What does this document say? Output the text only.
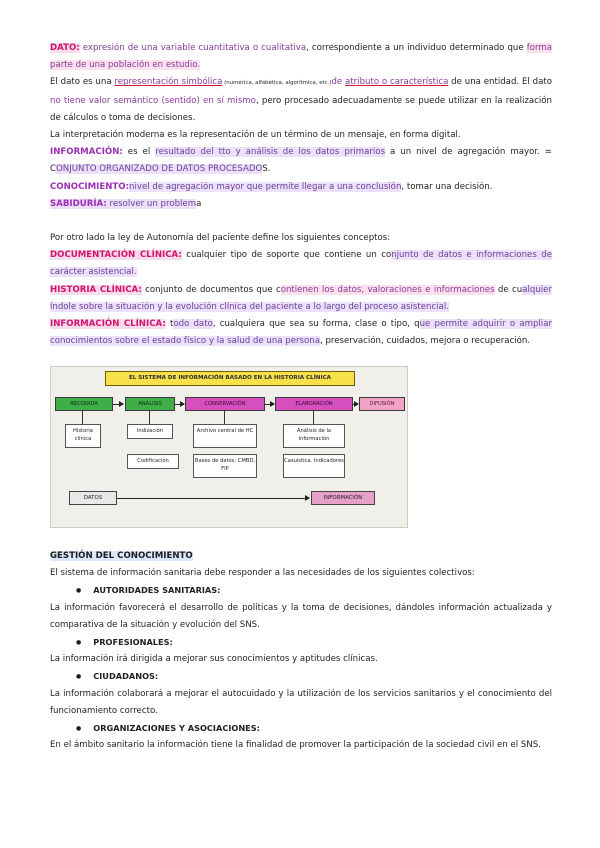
DATO: expresión de una variable cuantitativa o cualitativa, correspondiente a un individuo determinado que forma parte de una población en estudio.

El dato es una representación simbólica (numérica, alfabética, algorítmica, etc.)de atributo o característica de una entidad. El dato no tiene valor semántico (sentido) en sí mismo, pero procesado adecuadamente se puede utilizar en la realización de cálculos o toma de decisiones.

La interpretación moderna es la representación de un término de un mensaje, en forma digital.

INFORMACIÓN: es el resultado del tto y análisis de los datos primarios a un nivel de agregación mayor. = CONJUNTO ORGANIZADO DE DATOS PROCESADOS.

CONOCIMIENTO:nivel de agregación mayor que permite llegar a una conclusión, tomar una decisión.

SABIDURÍA: resolver un problema

Por otro lado la ley de Autonomía del paciente define los siguientes conceptos:

DOCUMENTACIÓN CLÍNICA: cualquier tipo de soporte que contiene un conjunto de datos e informaciones de carácter asistencial.

HISTORIA CLÍNICA: conjunto de documentos que contienen los datos, valoraciones e informaciones de cualquier índole sobre la situación y la evolución clínica del paciente a lo largo del proceso asistencial.

INFORMACIÓN CLÍNICA: todo dato, cualquiera que sea su forma, clase o tipo, que permite adquirir o ampliar conocimientos sobre el estado físico y la salud de una persona, preservación, cuidados, mejora o recuperación.

EL SISTEMA DE INFORMACIÓN BASADO EN LA HISTORIA CLÍNICA
RECOGIDA	ANÁLISIS	CONSERVACIÓN	ELABORACIÓN	DIFUSIÓN
Historia clínica
Indización
Codificación
Archivo central de HC
Bases de datos: CMBD, FIP
Análisis de la información
Casuística. Indicadores
DATOS	INFORMACIÓN

GESTIÓN DEL CONOCIMIENTO

El sistema de información sanitaria debe responder a las necesidades de los siguientes colectivos:

● AUTORIDADES SANITARIAS:

La información favorecerá el desarrollo de políticas y la toma de decisiones, dándoles información actualizada y comparativa de la situación y evolución del SNS.

● PROFESIONALES:

La información irá dirigida a mejorar sus conocimientos y aptitudes clínicas.

● CIUDADANOS:

La información colaborará a mejorar el autocuidado y la utilización de los servicios sanitarios y el conocimiento del funcionamiento correcto.

● ORGANIZACIONES Y ASOCIACIONES:

En el ámbito sanitario la información tiene la finalidad de promover la participación de la sociedad civil en el SNS.
